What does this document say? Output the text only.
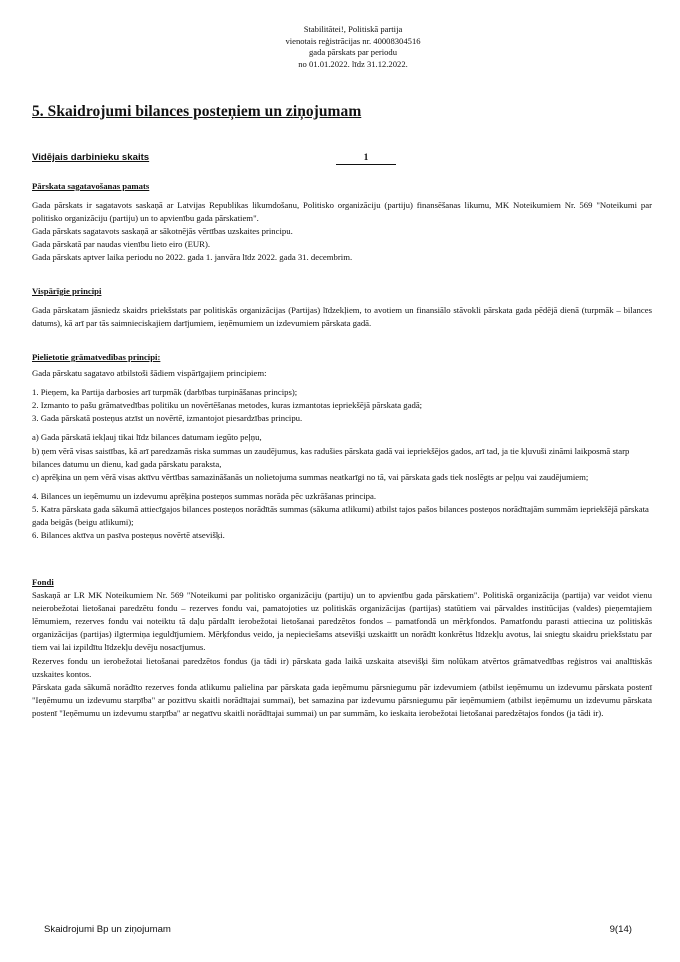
Stabilitātei!, Politiskā partija
vienotais reģistrācijas nr. 40008304516
gada pārskats par periodu
no 01.01.2022. līdz 31.12.2022.
5. Skaidrojumi bilances posteņiem un ziņojumam
Vidējais darbinieku skaits	1

Pārskata sagatavošanas pamats

Gada pārskats ir sagatavots saskaņā ar Latvijas Republikas likumdošanu, Politisko organizāciju (partiju) finansēšanas likumu, MK Noteikumiem Nr. 569 "Noteikumi par politisko organizāciju (partiju) un to apvienību gada pārskatiem".

Gada pārskats sagatavots saskaņā ar sākotnējās vērtības uzskaites principu.

Gada pārskatā par naudas vienību lieto eiro (EUR).

Gada pārskats aptver laika periodu no 2022. gada 1. janvāra līdz 2022. gada 31. decembrim.

Vispārīgie principi

Gada pārskatam jāsniedz skaidrs priekšstats par politiskās organizācijas (Partijas) līdzekļiem, to avotiem un finansiālo stāvokli pārskata gada pēdējā dienā (turpmāk – bilances datums), kā arī par tās saimnieciskajiem darījumiem, ieņēmumiem un izdevumiem pārskata gadā.

Pielietotie grāmatvedības principi:

Gada pārskatu sagatavo atbilstoši šādiem vispārīgajiem principiem:

1. Pieņem, ka Partija darbosies arī turpmāk (darbības turpināšanas princips);

2. Izmanto to pašu grāmatvedības politiku un novērtēšanas metodes, kuras izmantotas iepriekšējā pārskata gadā;

3. Gada pārskatā posteņus atzīst un novērtē, izmantojot piesardzības principu.

a) Gada pārskatā iekļauj tikai līdz bilances datumam iegūto peļņu,

b) ņem vērā visas saistības, kā arī paredzamās riska summas un zaudējumus, kas radušies pārskata gadā vai iepriekšējos gados, arī tad, ja tie kļuvuši zināmi laikposmā starp bilances datumu un dienu, kad gada pārskatu paraksta,

c) aprēķina un ņem vērā visas aktīvu vērtības samazināšanās un nolietojuma summas neatkarīgi no tā, vai pārskata gads tiek noslēgts ar peļņu vai zaudējumiem;

4. Bilances un ieņēmumu un izdevumu aprēķina posteņos summas norāda pēc uzkrāšanas principa.

5. Katra pārskata gada sākumā attiecīgajos bilances posteņos norādītās summas (sākuma atlikumi) atbilst tajos pašos bilances posteņos norādītajām summām iepriekšējā pārskata gada beigās (beigu atlikumi);

6. Bilances aktīva un pasīva posteņus novērtē atsevišķi.

Fondi

Saskaņā ar LR MK Noteikumiem Nr. 569 "Noteikumi par politisko organizāciju (partiju) un to apvienību gada pārskatiem". Politiskā organizācija (partija) var veidot vienu neierobežotai lietošanai paredzētu fondu – rezerves fondu vai, pamatojoties uz politiskās organizācijas (partijas) statūtiem vai pārvaldes institūcijas (valdes) pieņemtajiem lēmumiem, rezerves fondu vai noteiktu tā daļu pārdalīt ierobežotai lietošanai paredzētos fondos – pamatfondā un mērķfondos. Pamatfondu parasti attiecina uz politiskās organizācijas (partijas) ilgtermiņa ieguldījumiem. Mērķfondus veido, ja nepieciešams atsevišķi uzskaitīt un norādīt konkrētus līdzekļu avotus, lai sniegtu skaidru priekšstatu par tiem vai lai izpildītu līdzekļu devēju nosacījumus.

Rezerves fondu un ierobežotai lietošanai paredzētos fondus (ja tādi ir) pārskata gada laikā uzskaita atsevišķi šim nolūkam atvērtos grāmatvedības reģistros vai analītiskās uzskaites kontos.

Pārskata gada sākumā norādīto rezerves fonda atlikumu palielina par pārskata gada ieņēmumu pārsniegumu pār izdevumiem (atbilst ieņēmumu un izdevumu pārskata postenī "Ieņēmumu un izdevumu starpība" ar pozitīvu skaitli norādītajai summai), bet samazina par izdevumu pārsniegumu pār ieņēmumiem (atbilst ieņēmumu un izdevumu pārskata postenī "Ieņēmumu un izdevumu starpība" ar negatīvu skaitli norādītajai summai) un par summām, ko ieskaita ierobežotai lietošanai paredzētajos fondos (ja tādi ir).

Skaidrojumi Bp un ziņojumam	9(14)
